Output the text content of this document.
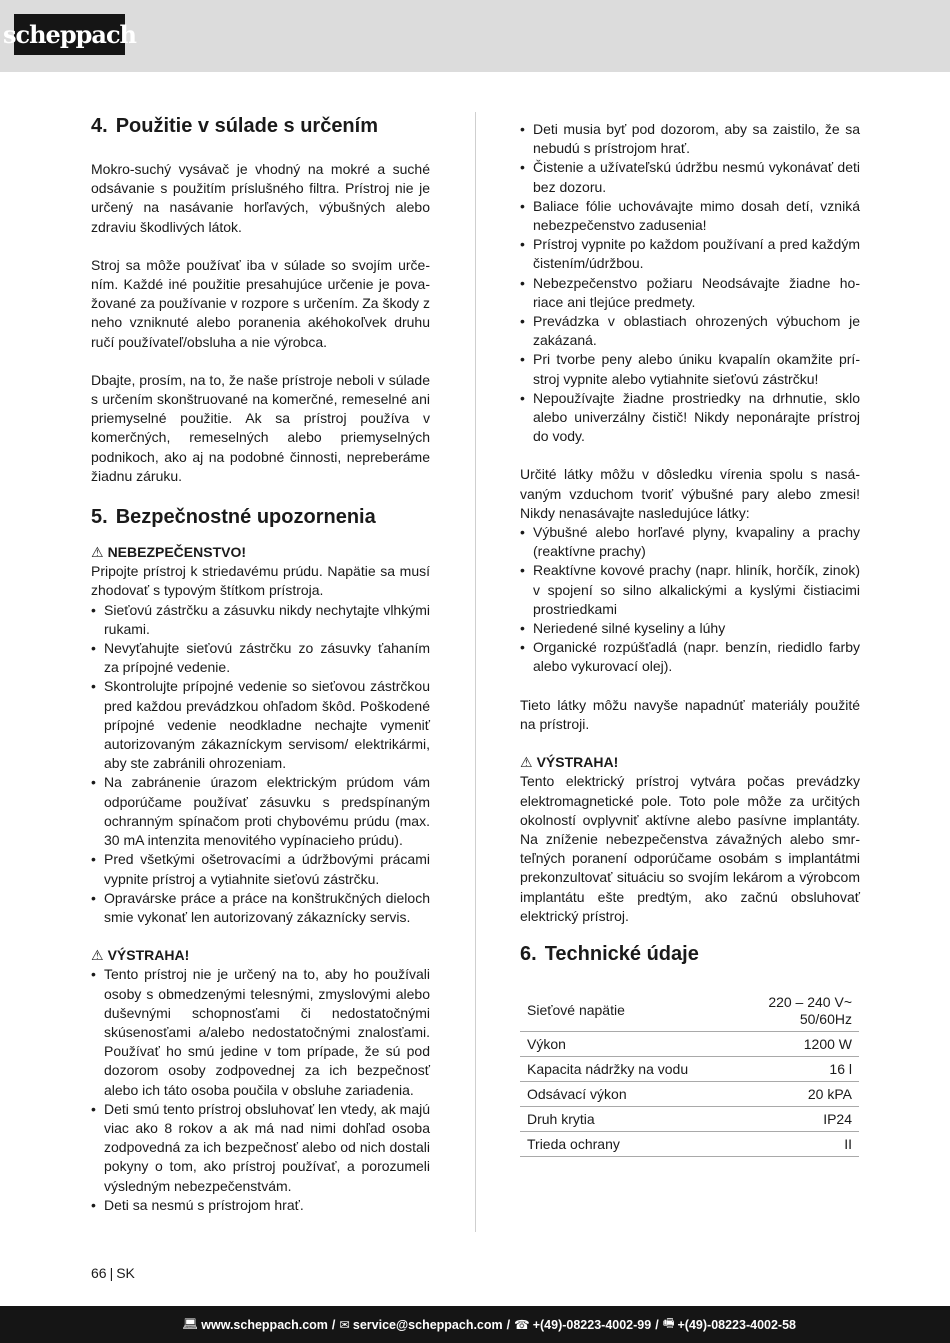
scheppach
4. Použitie v súlade s určením

Mokro-suchý vysávač je vhodný na mokré a suché odsávanie s použitím príslušného filtra. Prístroj nie je určený na nasávanie horľavých, výbušných alebo zdraviu škodlivých látok.

Stroj sa môže používať iba v súlade so svojím určením. Každé iné použitie presahujúce určenie je považované za používanie v rozpore s určením. Za škody z neho vzniknuté alebo poranenia akéhokoľvek druhu ručí používateľ/obsluha a nie výrobca.

Dbajte, prosím, na to, že naše prístroje neboli v súlade s určením skonštruované na komerčné, remeselné ani priemyselné použitie. Ak sa prístroj používa v komerčných, remeselných alebo priemyselných podnikoch, ako aj na podobné činnosti, nepreberáme žiadnu záruku.

5. Bezpečnostné upozornenia
⚠ NEBEZPEČENSTVO!

Pripojte prístroj k striedavému prúdu. Napätie sa musí zhodovať s typovým štítkom prístroja.

• Sieťovú zástrčku a zásuvku nikdy nechytajte vlhkými rukami.
• Nevyťahujte sieťovú zástrčku zo zásuvky ťahaním za prípojné vedenie.
• Skontrolujte prípojné vedenie so sieťovou zástrčkou pred každou prevádzkou ohľadom škôd. Poškodené prípojné vedenie neodkladne nechajte vymeniť autorizovaným zákazníckym servisom/ elektrikármi, aby ste zabránili ohrozeniam.
• Na zabránenie úrazom elektrickým prúdom vám odporúčame používať zásuvku s predspínaným ochranným spínačom proti chybovému prúdu (max. 30 mA intenzita menovitého vypínacieho prúdu).
• Pred všetkými ošetrovacími a údržbovými prácami vypnite prístroj a vytiahnite sieťovú zástrčku.
• Opravárske práce a práce na konštrukčných dieloch smie vykonať len autorizovaný zákaznícky servis.
⚠ VÝSTRAHA!
• Tento prístroj nie je určený na to, aby ho používali osoby s obmedzenými telesnými, zmyslovými alebo duševnými schopnosťami či nedostatočnými skúsenosťami a/alebo nedostatočnými znalosťami. Používať ho smú jedine v tom prípade, že sú pod dozorom osoby zodpovednej za ich bezpečnosť alebo ich táto osoba poučila v obsluhe zariadenia.
• Deti smú tento prístroj obsluhovať len vtedy, ak majú viac ako 8 rokov a ak má nad nimi dohľad osoba zodpovedná za ich bezpečnosť alebo od nich dostali pokyny o tom, ako prístroj používať, a porozumeli výsledným nebezpečenstvám.
• Deti sa nesmú s prístrojom hrať.
• Deti musia byť pod dozorom, aby sa zaistilo, že sa nebudú s prístrojom hrať.
• Čistenie a užívateľskú údržbu nesmú vykonávať deti bez dozoru.
• Baliace fólie uchovávajte mimo dosah detí, vzniká nebezpečenstvo zadusenia!
• Prístroj vypnite po každom používaní a pred každým čistením/údržbou.
• Nebezpečenstvo požiaru Neodsávajte žiadne horiace ani tlejúce predmety.
• Prevádzka v oblastiach ohrozených výbuchom je zakázaná.
• Pri tvorbe peny alebo úniku kvapalín okamžite prístroj vypnite alebo vytiahnite sieťovú zástrčku!
• Nepoužívajte žiadne prostriedky na drhnutie, sklo alebo univerzálny čistič! Nikdy neponárajte prístroj do vody.

Určité látky môžu v dôsledku vírenia spolu s nasávaným vzduchom tvoriť výbušné pary alebo zmesi! Nikdy nenasávajte nasledujúce látky:

• Výbušné alebo horľavé plyny, kvapaliny a prachy (reaktívne prachy)
• Reaktívne kovové prachy (napr. hliník, horčík, zinok) v spojení so silno alkalickými a kyslými čistiacimi prostriedkami
• Neriedené silné kyseliny a lúhy
• Organické rozpúšťadlá (napr. benzín, riedidlo farby alebo vykurovací olej).

Tieto látky môžu navyše napadnúť materiály použité na prístroji.

⚠ VÝSTRAHA!

Tento elektrický prístroj vytvára počas prevádzky elektromagnetické pole. Toto pole môže za určitých okolností ovplyvniť aktívne alebo pasívne implantáty. Na zníženie nebezpečenstva závažných alebo smrteľných poranení odporúčame osobám s implantátmi prekonzultovať situáciu so svojím lekárom a výrobcom implantátu ešte predtým, ako začnú obsluhovať elektrický prístroj.

6. Technické údaje
Sieťové napätie	220 – 240 V~ 50/60Hz
Výkon	1200 W
Kapacita nádržky na vodu	16 l
Odsávací výkon	20 kPA
Druh krytia	IP24
Trieda ochrany	II
66 | SK
💻︎ www.scheppach.com / ✉︎ service@scheppach.com / ☎︎ +(49)-08223-4002-99 / 🖷︎ +(49)-08223-4002-58
